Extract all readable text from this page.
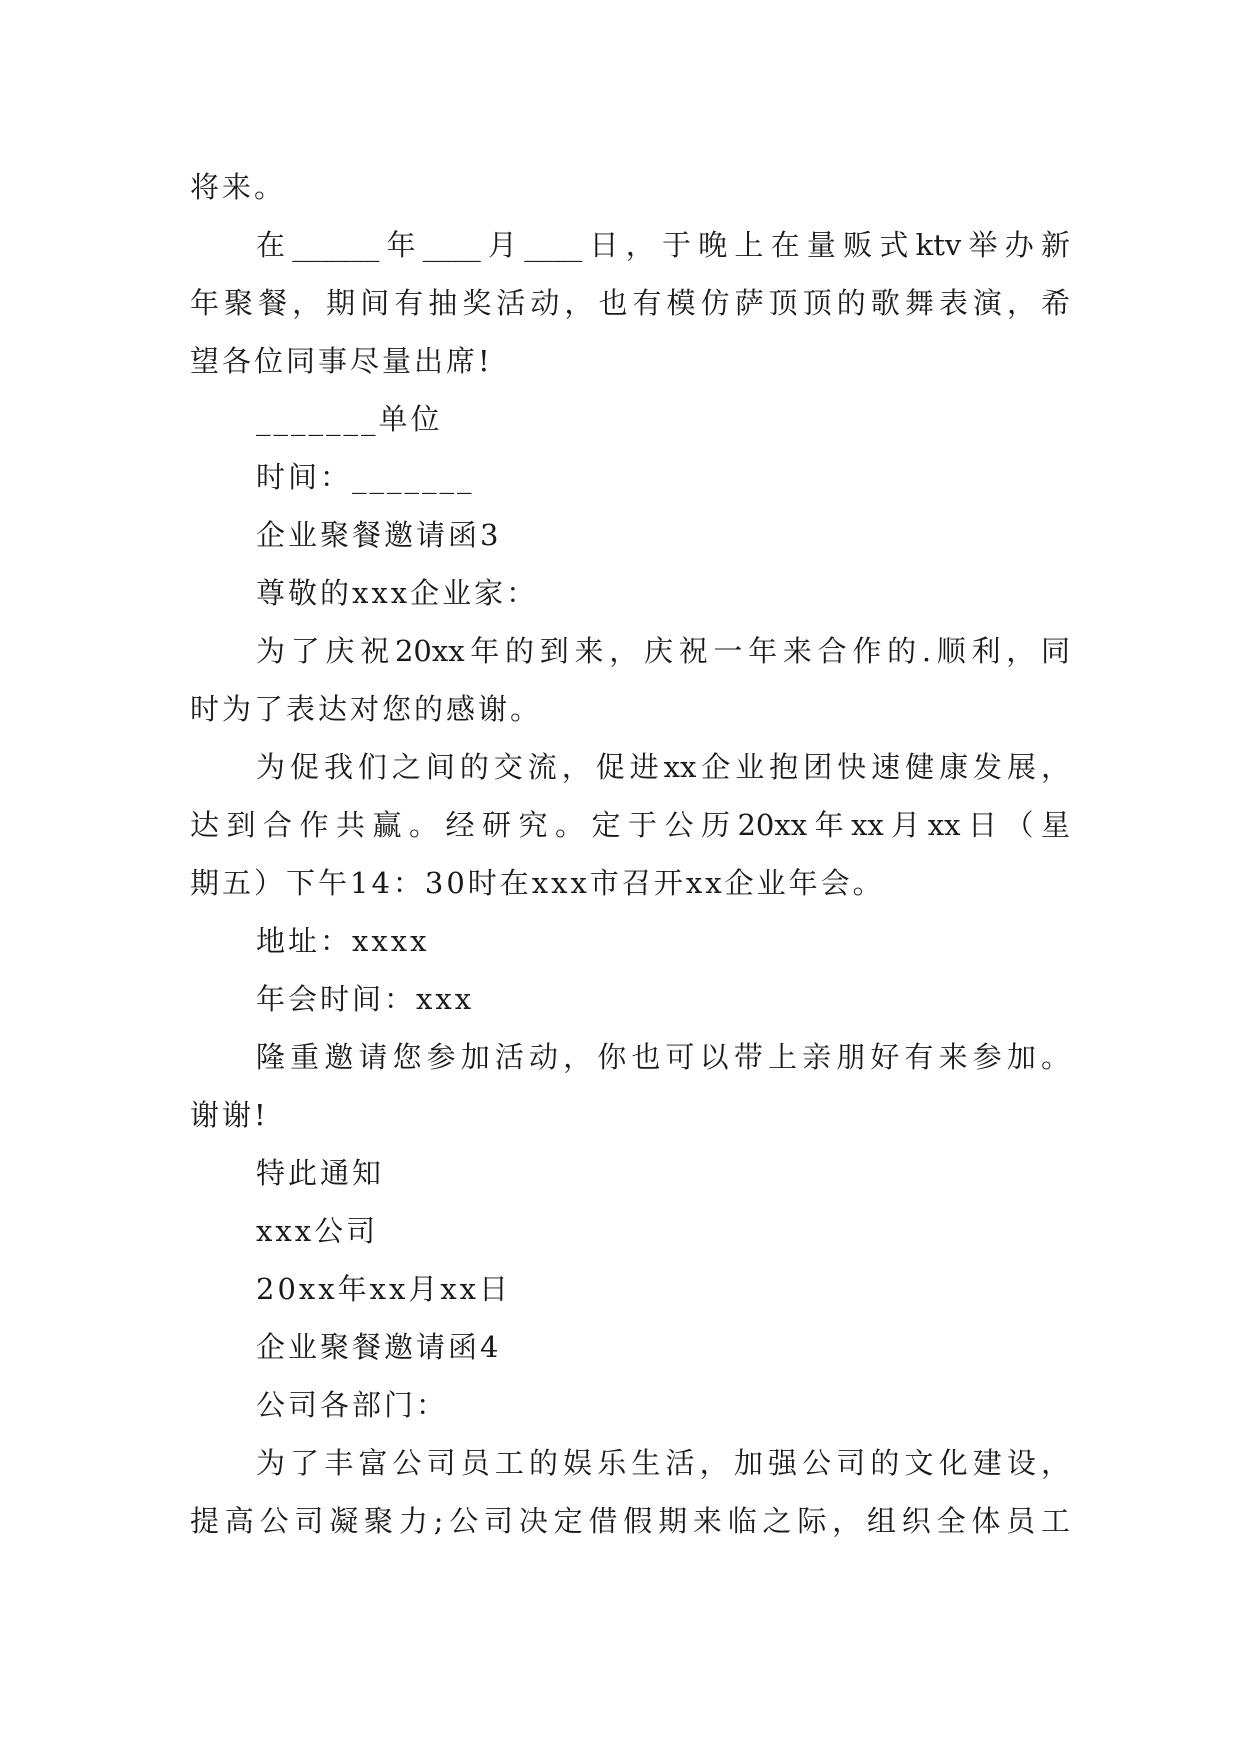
将来。
在______年____月____日，于晚上在量贩式ktv举办新
年聚餐，期间有抽奖活动，也有模仿萨顶顶的歌舞表演，希
望各位同事尽量出席!
_______单位
时间：_______
企业聚餐邀请函3
尊敬的xxx企业家：
为了庆祝20xx年的到来，庆祝一年来合作的.顺利，同
时为了表达对您的感谢。
为促我们之间的交流，促进xx企业抱团快速健康发展，
达到合作共赢。经研究。定于公历20xx年xx月xx日（星
期五）下午14：30时在xxx市召开xx企业年会。
地址：xxxx
年会时间：xxx
隆重邀请您参加活动，你也可以带上亲朋好有来参加。
谢谢!
特此通知
xxx公司
20xx年xx月xx日
企业聚餐邀请函4
公司各部门：
为了丰富公司员工的娱乐生活，加强公司的文化建设，
提高公司凝聚力;公司决定借假期来临之际，组织全体员工
